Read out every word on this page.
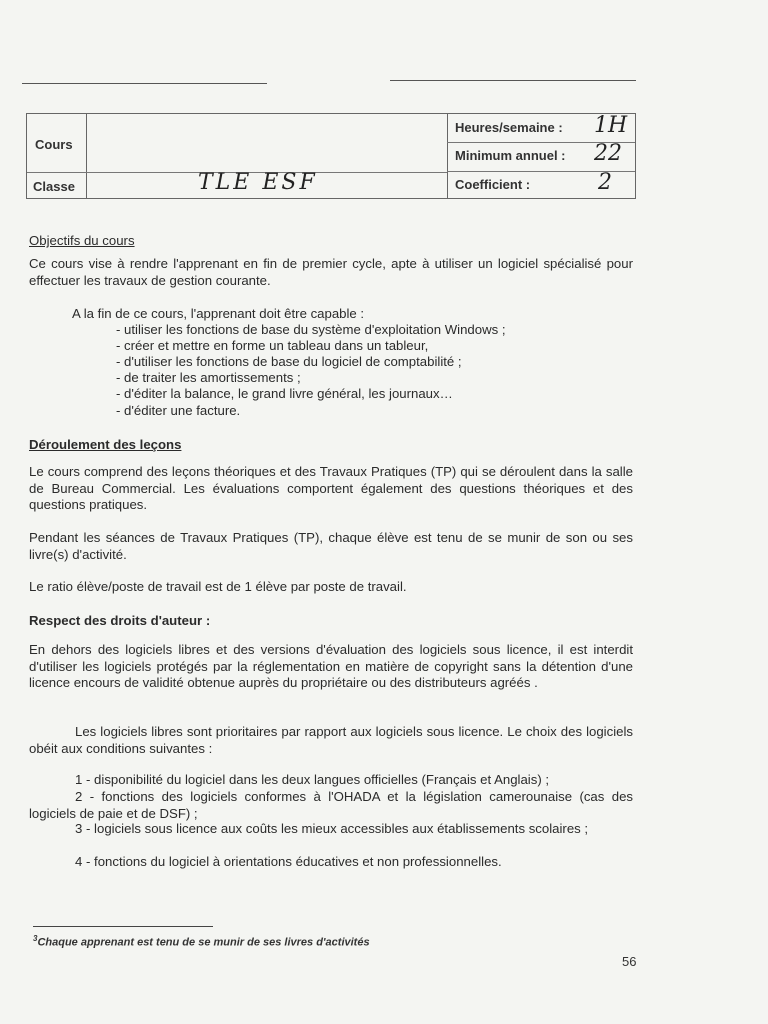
Cours
Classe	TLE ESF
Heures/semaine : 1H
Minimum annuel : 22
Coefficient :	2
Objectifs du cours
Ce cours vise à rendre l'apprenant en fin de premier cycle, apte à utiliser un logiciel spécialisé pour effectuer les travaux de gestion courante.
A la fin de ce cours, l'apprenant doit être capable :
- utiliser les fonctions de base du système d'exploitation Windows ;
- créer et mettre en forme un tableau dans un tableur,
- d'utiliser les fonctions de base du logiciel de comptabilité ;
- de traiter les amortissements ;
- d'éditer la balance, le grand livre général, les journaux…
- d'éditer une facture.
Déroulement des leçons
Le cours comprend des leçons théoriques et des Travaux Pratiques (TP) qui se déroulent dans la salle de Bureau Commercial. Les évaluations comportent également des questions théoriques et des questions pratiques.
Pendant les séances de Travaux Pratiques (TP), chaque élève est tenu de se munir de son ou ses livre(s) d'activité.
Le ratio élève/poste de travail est de 1 élève par poste de travail.
Respect des droits d'auteur :
En dehors des logiciels libres et des versions d'évaluation des logiciels sous licence, il est interdit d'utiliser les logiciels protégés par la réglementation en matière de copyright sans la détention d'une licence encours de validité obtenue auprès du propriétaire ou des distributeurs agréés .
Les logiciels libres sont prioritaires par rapport aux logiciels sous licence. Le choix des logiciels obéit aux conditions suivantes :
1 - disponibilité du logiciel dans les deux langues officielles (Français et Anglais) ;
2 - fonctions des logiciels conformes à l'OHADA et la législation camerounaise (cas des logiciels de paie et de DSF) ;
3 - logiciels sous licence aux coûts les mieux accessibles aux établissements scolaires ;
4 - fonctions du logiciel à orientations éducatives et non professionnelles.
$^3$Chaque apprenant est tenu de se munir de ses livres d'activités
56
